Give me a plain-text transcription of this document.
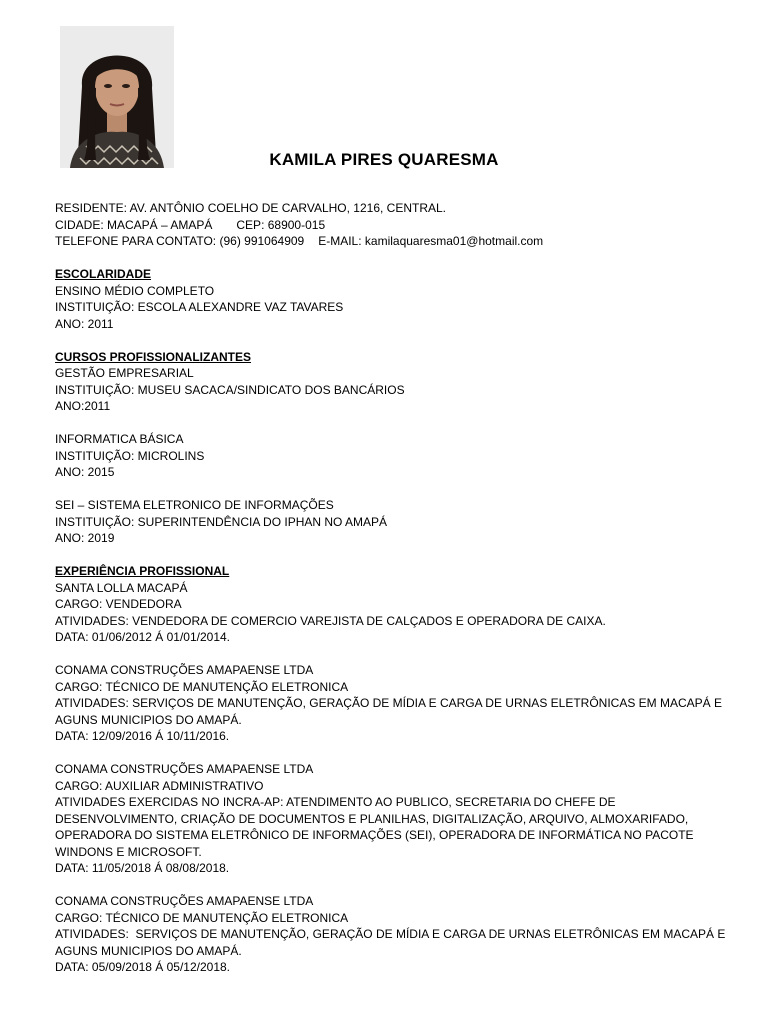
KAMILA PIRES QUARESMA
RESIDENTE: AV. ANTÔNIO COELHO DE CARVALHO, 1216, CENTRAL.
CIDADE: MACAPÁ – AMAPÁ CEP: 68900-015
TELEFONE PARA CONTATO: (96) 991064909 E-MAIL: kamilaquaresma01@hotmail.com
ESCOLARIDADE
ENSINO MÉDIO COMPLETO
INSTITUIÇÃO: ESCOLA ALEXANDRE VAZ TAVARES
ANO: 2011
CURSOS PROFISSIONALIZANTES
GESTÃO EMPRESARIAL
INSTITUIÇÃO: MUSEU SACACA/SINDICATO DOS BANCÁRIOS
ANO:2011
INFORMATICA BÁSICA
INSTITUIÇÃO: MICROLINS
ANO: 2015
SEI – SISTEMA ELETRONICO DE INFORMAÇÕES
INSTITUIÇÃO: SUPERINTENDÊNCIA DO IPHAN NO AMAPÁ
ANO: 2019
EXPERIÊNCIA PROFISSIONAL
SANTA LOLLA MACAPÁ
CARGO: VENDEDORA
ATIVIDADES: VENDEDORA DE COMERCIO VAREJISTA DE CALÇADOS E OPERADORA DE CAIXA.
DATA: 01/06/2012 Á 01/01/2014.
CONAMA CONSTRUÇÕES AMAPAENSE LTDA
CARGO: TÉCNICO DE MANUTENÇÃO ELETRONICA
ATIVIDADES: SERVIÇOS DE MANUTENÇÃO, GERAÇÃO DE MÍDIA E CARGA DE URNAS ELETRÔNICAS EM MACAPÁ E
AGUNS MUNICIPIOS DO AMAPÁ.
DATA: 12/09/2016 Á 10/11/2016.
CONAMA CONSTRUÇÕES AMAPAENSE LTDA
CARGO: AUXILIAR ADMINISTRATIVO
ATIVIDADES EXERCIDAS NO INCRA-AP: ATENDIMENTO AO PUBLICO, SECRETARIA DO CHEFE DE
DESENVOLVIMENTO, CRIAÇÃO DE DOCUMENTOS E PLANILHAS, DIGITALIZAÇÃO, ARQUIVO, ALMOXARIFADO,
OPERADORA DO SISTEMA ELETRÔNICO DE INFORMAÇÕES (SEI), OPERADORA DE INFORMÁTICA NO PACOTE
WINDONS E MICROSOFT.
DATA: 11/05/2018 Á 08/08/2018.
CONAMA CONSTRUÇÕES AMAPAENSE LTDA
CARGO: TÉCNICO DE MANUTENÇÃO ELETRONICA
ATIVIDADES:  SERVIÇOS DE MANUTENÇÃO, GERAÇÃO DE MÍDIA E CARGA DE URNAS ELETRÔNICAS EM MACAPÁ E
AGUNS MUNICIPIOS DO AMAPÁ.
DATA: 05/09/2018 Á 05/12/2018.
